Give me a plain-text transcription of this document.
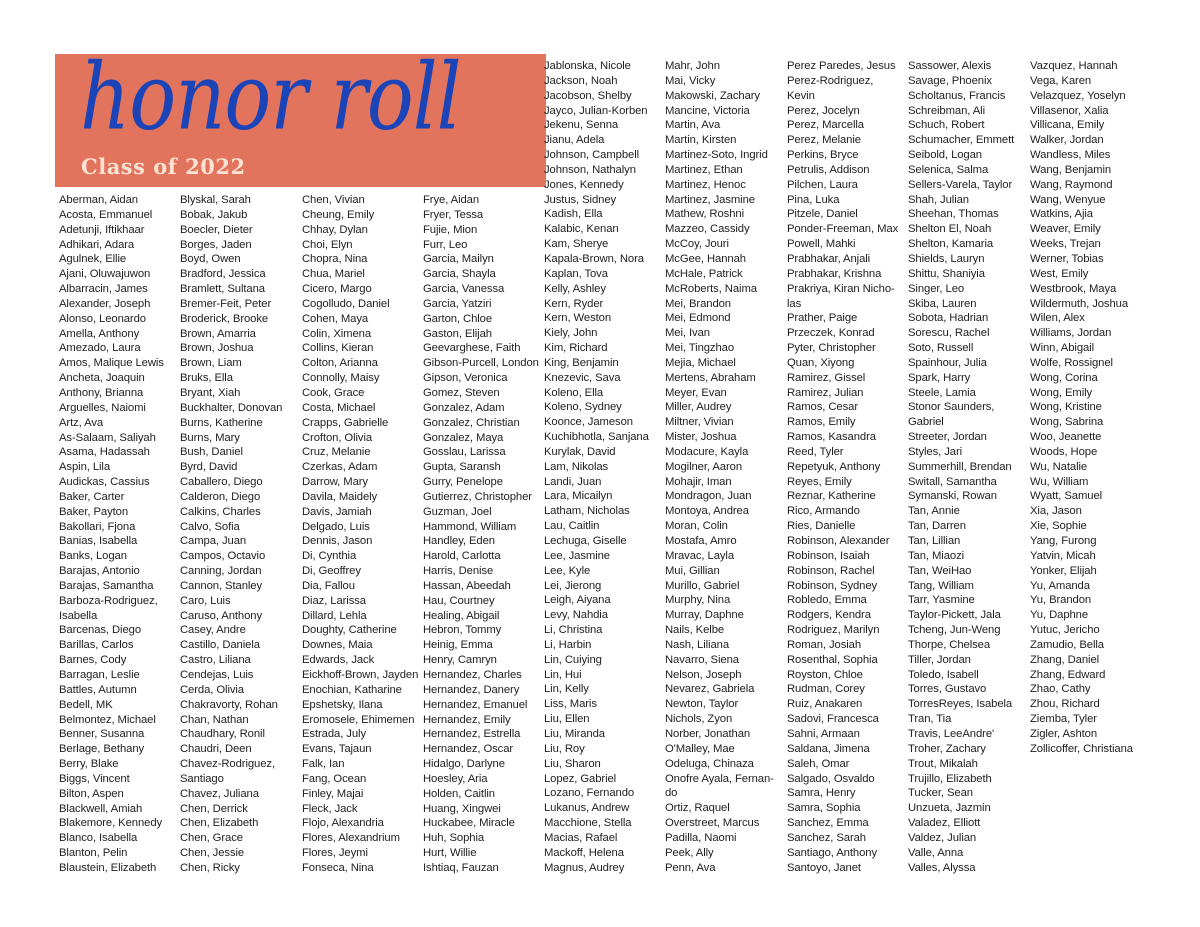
honor roll
Class of 2022
Aberman, Aidan
Acosta, Emmanuel
Adetunji, Iftikhaar
Adhikari, Adara
Agulnek, Ellie
Ajani, Oluwajuwon
Albarracin, James
Alexander, Joseph
Alonso, Leonardo
Amella, Anthony
Amezado, Laura
Amos, Malique Lewis
Ancheta, Joaquin
Anthony, Brianna
Arguelles, Naiomi
Artz, Ava
As-Salaam, Saliyah
Asama, Hadassah
Aspin, Lila
Audickas, Cassius
Baker, Carter
Baker, Payton
Bakollari, Fjona
Banias, Isabella
Banks, Logan
Barajas, Antonio
Barajas, Samantha
Barboza-Rodriguez,
Isabella
Barcenas, Diego
Barillas, Carlos
Barnes, Cody
Barragan, Leslie
Battles, Autumn
Bedell, MK
Belmontez, Michael
Benner, Susanna
Berlage, Bethany
Berry, Blake
Biggs, Vincent
Bilton, Aspen
Blackwell, Amiah
Blakemore, Kennedy
Blanco, Isabella
Blanton, Pelin
Blaustein, Elizabeth
Blyskal, Sarah
Bobak, Jakub
Boecler, Dieter
Borges, Jaden
Boyd, Owen
Bradford, Jessica
Bramlett, Sultana
Bremer-Feit, Peter
Broderick, Brooke
Brown, Amarria
Brown, Joshua
Brown, Liam
Bruks, Ella
Bryant, Xiah
Buckhalter, Donovan
Burns, Katherine
Burns, Mary
Bush, Daniel
Byrd, David
Caballero, Diego
Calderon, Diego
Calkins, Charles
Calvo, Sofia
Campa, Juan
Campos, Octavio
Canning, Jordan
Cannon, Stanley
Caro, Luis
Caruso, Anthony
Casey, Andre
Castillo, Daniela
Castro, Liliana
Cendejas, Luis
Cerda, Olivia
Chakravorty, Rohan
Chan, Nathan
Chaudhary, Ronil
Chaudri, Deen
Chavez-Rodriguez,
Santiago
Chavez, Juliana
Chen, Derrick
Chen, Elizabeth
Chen, Grace
Chen, Jessie
Chen, Ricky
Chen, Vivian
Cheung, Emily
Chhay, Dylan
Choi, Elyn
Chopra, Nina
Chua, Mariel
Cicero, Margo
Cogolludo, Daniel
Cohen, Maya
Colin, Ximena
Collins, Kieran
Colton, Arianna
Connolly, Maisy
Cook, Grace
Costa, Michael
Crapps, Gabrielle
Crofton, Olivia
Cruz, Melanie
Czerkas, Adam
Darrow, Mary
Davila, Maidely
Davis, Jamiah
Delgado, Luis
Dennis, Jason
Di, Cynthia
Di, Geoffrey
Dia, Fallou
Diaz, Larissa
Dillard, Lehla
Doughty, Catherine
Downes, Maia
Edwards, Jack
Eickhoff-Brown, Jayden
Enochian, Katharine
Epshetsky, Ilana
Eromosele, Ehimemen
Estrada, July
Evans, Tajaun
Falk, Ian
Fang, Ocean
Finley, Majai
Fleck, Jack
Flojo, Alexandria
Flores, Alexandrium
Flores, Jeymi
Fonseca, Nina
Frye, Aidan
Fryer, Tessa
Fujie, Mion
Furr, Leo
Garcia, Mailyn
Garcia, Shayla
Garcia, Vanessa
Garcia, Yatziri
Garton, Chloe
Gaston, Elijah
Geevarghese, Faith
Gibson-Purcell, London
Gipson, Veronica
Gomez, Steven
Gonzalez, Adam
Gonzalez, Christian
Gonzalez, Maya
Gosslau, Larissa
Gupta, Saransh
Gurry, Penelope
Gutierrez, Christopher
Guzman, Joel
Hammond, William
Handley, Eden
Harold, Carlotta
Harris, Denise
Hassan, Abeedah
Hau, Courtney
Healing, Abigail
Hebron, Tommy
Heinig, Emma
Henry, Camryn
Hernandez, Charles
Hernandez, Danery
Hernandez, Emanuel
Hernandez, Emily
Hernandez, Estrella
Hernandez, Oscar
Hidalgo, Darlyne
Hoesley, Aria
Holden, Caitlin
Huang, Xingwei
Huckabee, Miracle
Huh, Sophia
Hurt, Willie
Ishtiaq, Fauzan
Jablonska, Nicole
Jackson, Noah
Jacobson, Shelby
Jayco, Julian-Korben
Jekenu, Senna
Jianu, Adela
Johnson, Campbell
Johnson, Nathalyn
Jones, Kennedy
Justus, Sidney
Kadish, Ella
Kalabic, Kenan
Kam, Sherye
Kapala-Brown, Nora
Kaplan, Tova
Kelly, Ashley
Kern, Ryder
Kern, Weston
Kiely, John
Kim, Richard
King, Benjamin
Knezevic, Sava
Koleno, Ella
Koleno, Sydney
Koonce, Jameson
Kuchibhotla, Sanjana
Kurylak, David
Lam, Nikolas
Landi, Juan
Lara, Micailyn
Latham, Nicholas
Lau, Caitlin
Lechuga, Giselle
Lee, Jasmine
Lee, Kyle
Lei, Jierong
Leigh, Aiyana
Levy, Nahdia
Li, Christina
Li, Harbin
Lin, Cuiying
Lin, Hui
Lin, Kelly
Liss, Maris
Liu, Ellen
Liu, Miranda
Liu, Roy
Liu, Sharon
Lopez, Gabriel
Lozano, Fernando
Lukanus, Andrew
Macchione, Stella
Macias, Rafael
Mackoff, Helena
Magnus, Audrey
Mahr, John
Mai, Vicky
Makowski, Zachary
Mancine, Victoria
Martin, Ava
Martin, Kirsten
Martinez-Soto, Ingrid
Martinez, Ethan
Martinez, Henoc
Martinez, Jasmine
Mathew, Roshni
Mazzeo, Cassidy
McCoy, Jouri
McGee, Hannah
McHale, Patrick
McRoberts, Naima
Mei, Brandon
Mei, Edmond
Mei, Ivan
Mei, Tingzhao
Mejia, Michael
Mertens, Abraham
Meyer, Evan
Miller, Audrey
Miltner, Vivian
Mister, Joshua
Modacure, Kayla
Mogilner, Aaron
Mohajir, Iman
Mondragon, Juan
Montoya, Andrea
Moran, Colin
Mostafa, Amro
Mravac, Layla
Mui, Gillian
Murillo, Gabriel
Murphy, Nina
Murray, Daphne
Nails, Kelbe
Nash, Liliana
Navarro, Siena
Nelson, Joseph
Nevarez, Gabriela
Newton, Taylor
Nichols, Zyon
Norber, Jonathan
O'Malley, Mae
Odeluga, Chinaza
Onofre Ayala, Fernan-
do
Ortiz, Raquel
Overstreet, Marcus
Padilla, Naomi
Peek, Ally
Penn, Ava
Perez Paredes, Jesus
Perez-Rodriguez,
Kevin
Perez, Jocelyn
Perez, Marcella
Perez, Melanie
Perkins, Bryce
Petrulis, Addison
Pilchen, Laura
Pina, Luka
Pitzele, Daniel
Ponder-Freeman, Max
Powell, Mahki
Prabhakar, Anjali
Prabhakar, Krishna
Prakriya, Kiran Nicho-
las
Prather, Paige
Przeczek, Konrad
Pyter, Christopher
Quan, Xiyong
Ramirez, Gissel
Ramirez, Julian
Ramos, Cesar
Ramos, Emily
Ramos, Kasandra
Reed, Tyler
Repetyuk, Anthony
Reyes, Emily
Reznar, Katherine
Rico, Armando
Ries, Danielle
Robinson, Alexander
Robinson, Isaiah
Robinson, Rachel
Robinson, Sydney
Robledo, Emma
Rodgers, Kendra
Rodriguez, Marilyn
Roman, Josiah
Rosenthal, Sophia
Royston, Chloe
Rudman, Corey
Ruiz, Anakaren
Sadovi, Francesca
Sahni, Armaan
Saldana, Jimena
Saleh, Omar
Salgado, Osvaldo
Samra, Henry
Samra, Sophia
Sanchez, Emma
Sanchez, Sarah
Santiago, Anthony
Santoyo, Janet
Sassower, Alexis
Savage, Phoenix
Scholtanus, Francis
Schreibman, Ali
Schuch, Robert
Schumacher, Emmett
Seibold, Logan
Selenica, Salma
Sellers-Varela, Taylor
Shah, Julian
Sheehan, Thomas
Shelton El, Noah
Shelton, Kamaria
Shields, Lauryn
Shittu, Shaniyia
Singer, Leo
Skiba, Lauren
Sobota, Hadrian
Sorescu, Rachel
Soto, Russell
Spainhour, Julia
Spark, Harry
Steele, Lamia
Stonor Saunders,
Gabriel
Streeter, Jordan
Styles, Jari
Summerhill, Brendan
Switall, Samantha
Symanski, Rowan
Tan, Annie
Tan, Darren
Tan, Lillian
Tan, Miaozi
Tan, WeiHao
Tang, William
Tarr, Yasmine
Taylor-Pickett, Jala
Tcheng, Jun-Weng
Thorpe, Chelsea
Tiller, Jordan
Toledo, Isabell
Torres, Gustavo
TorresReyes, Isabela
Tran, Tia
Travis, LeeAndre'
Troher, Zachary
Trout, Mikalah
Trujillo, Elizabeth
Tucker, Sean
Unzueta, Jazmin
Valadez, Elliott
Valdez, Julian
Valle, Anna
Valles, Alyssa
Vazquez, Hannah
Vega, Karen
Velazquez, Yoselyn
Villasenor, Xalia
Villicana, Emily
Walker, Jordan
Wandless, Miles
Wang, Benjamin
Wang, Raymond
Wang, Wenyue
Watkins, Ajia
Weaver, Emily
Weeks, Trejan
Werner, Tobias
West, Emily
Westbrook, Maya
Wildermuth, Joshua
Wilen, Alex
Williams, Jordan
Winn, Abigail
Wolfe, Rossignel
Wong, Corina
Wong, Emily
Wong, Kristine
Wong, Sabrina
Woo, Jeanette
Woods, Hope
Wu, Natalie
Wu, William
Wyatt, Samuel
Xia, Jason
Xie, Sophie
Yang, Furong
Yatvin, Micah
Yonker, Elijah
Yu, Amanda
Yu, Brandon
Yu, Daphne
Yutuc, Jericho
Zamudio, Bella
Zhang, Daniel
Zhang, Edward
Zhao, Cathy
Zhou, Richard
Ziemba, Tyler
Zigler, Ashton
Zollicoffer, Christiana
